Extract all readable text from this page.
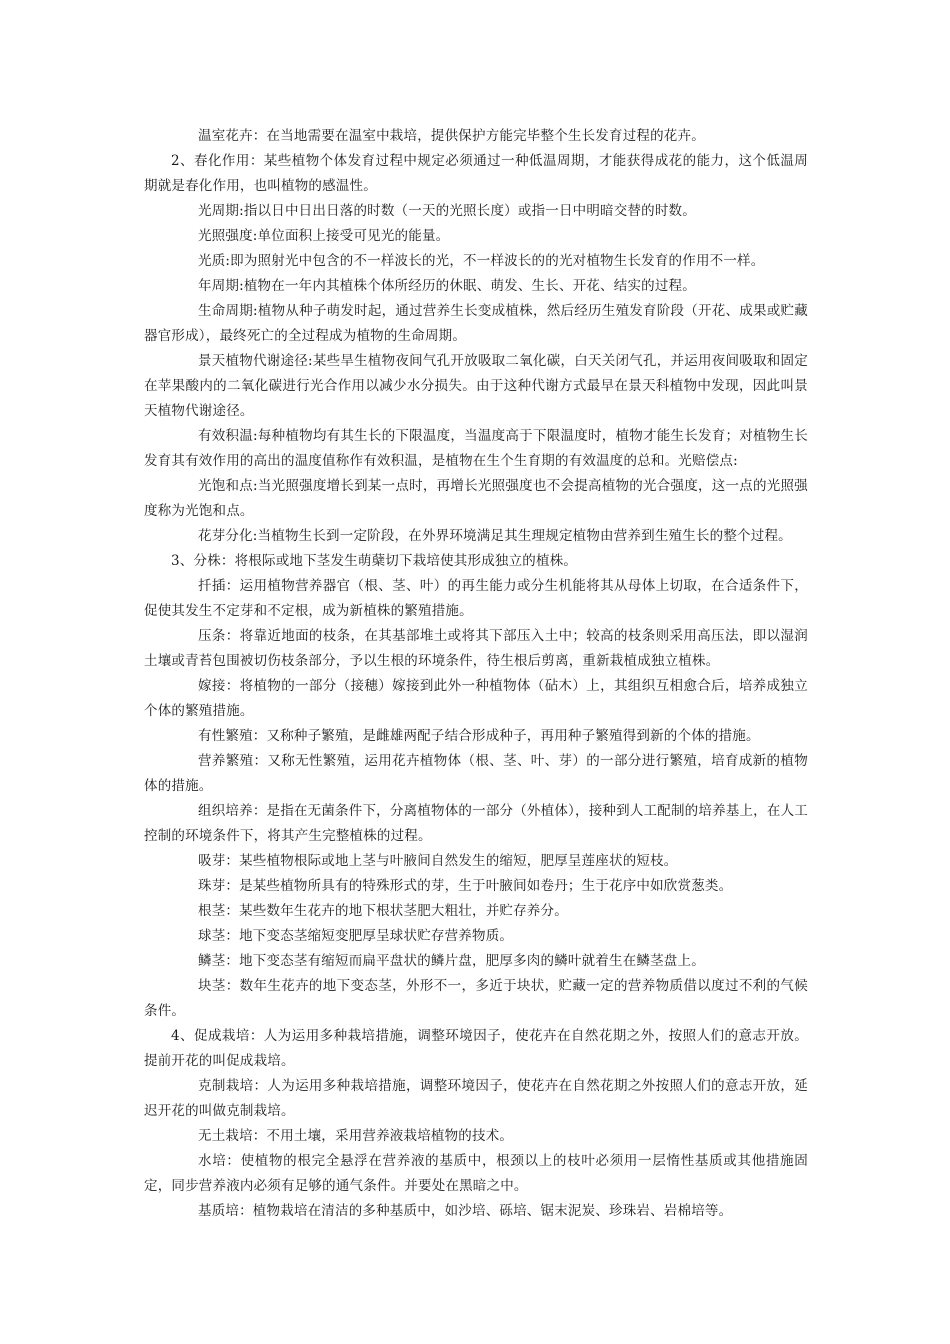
温室花卉：在当地需要在温室中栽培，提供保护方能完毕整个生长发育过程的花卉。

2、春化作用：某些植物个体发育过程中规定必须通过一种低温周期，才能获得成花的能力，这个低温周期就是春化作用，也叫植物的感温性。

光周期:指以日中日出日落的时数（一天的光照长度）或指一日中明暗交替的时数。

光照强度:单位面积上接受可见光的能量。

光质:即为照射光中包含的不一样波长的光，不一样波长的的光对植物生长发育的作用不一样。

年周期:植物在一年内其植株个体所经历的休眠、萌发、生长、开花、结实的过程。

生命周期:植物从种子萌发时起，通过营养生长变成植株，然后经历生殖发育阶段（开花、成果或贮藏器官形成），最终死亡的全过程成为植物的生命周期。

景天植物代谢途径:某些旱生植物夜间气孔开放吸取二氧化碳，白天关闭气孔，并运用夜间吸取和固定在苹果酸内的二氧化碳进行光合作用以减少水分损失。由于这种代谢方式最早在景天科植物中发现，因此叫景天植物代谢途径。

有效积温:每种植物均有其生长的下限温度，当温度高于下限温度时，植物才能生长发育；对植物生长发育其有效作用的高出的温度值称作有效积温，是植物在生个生育期的有效温度的总和。光赔偿点:

光饱和点:当光照强度增长到某一点时，再增长光照强度也不会提高植物的光合强度，这一点的光照强度称为光饱和点。

花芽分化:当植物生长到一定阶段，在外界环境满足其生理规定植物由营养到生殖生长的整个过程。

3、分株：将根际或地下茎发生萌蘖切下栽培使其形成独立的植株。

扦插：运用植物营养器官（根、茎、叶）的再生能力或分生机能将其从母体上切取，在合适条件下，促使其发生不定芽和不定根，成为新植株的繁殖措施。

压条：将靠近地面的枝条，在其基部堆土或将其下部压入土中；较高的枝条则采用高压法，即以湿润土壤或青苔包围被切伤枝条部分，予以生根的环境条件，待生根后剪离，重新栽植成独立植株。

嫁接：将植物的一部分（接穗）嫁接到此外一种植物体（砧木）上，其组织互相愈合后，培养成独立个体的繁殖措施。

有性繁殖：又称种子繁殖，是雌雄两配子结合形成种子，再用种子繁殖得到新的个体的措施。

营养繁殖：又称无性繁殖，运用花卉植物体（根、茎、叶、芽）的一部分进行繁殖，培育成新的植物体的措施。

组织培养：是指在无菌条件下，分离植物体的一部分（外植体），接种到人工配制的培养基上，在人工控制的环境条件下，将其产生完整植株的过程。

吸芽：某些植物根际或地上茎与叶腋间自然发生的缩短，肥厚呈莲座状的短枝。

珠芽：是某些植物所具有的特殊形式的芽，生于叶腋间如卷丹；生于花序中如欣赏葱类。

根茎：某些数年生花卉的地下根状茎肥大粗壮，并贮存养分。

球茎：地下变态茎缩短变肥厚呈球状贮存营养物质。

鳞茎：地下变态茎有缩短而扁平盘状的鳞片盘，肥厚多肉的鳞叶就着生在鳞茎盘上。

块茎：数年生花卉的地下变态茎，外形不一，多近于块状，贮藏一定的营养物质借以度过不利的气候条件。

4、促成栽培：人为运用多种栽培措施，调整环境因子，使花卉在自然花期之外，按照人们的意志开放。提前开花的叫促成栽培。

克制栽培：人为运用多种栽培措施，调整环境因子，使花卉在自然花期之外按照人们的意志开放，延迟开花的叫做克制栽培。

无土栽培：不用土壤，采用营养液栽培植物的技术。

水培：使植物的根完全悬浮在营养液的基质中，根颈以上的枝叶必须用一层惰性基质或其他措施固定，同步营养液内必须有足够的通气条件。并要处在黑暗之中。

基质培：植物栽培在清洁的多种基质中，如沙培、砾培、锯末泥炭、珍珠岩、岩棉培等。
